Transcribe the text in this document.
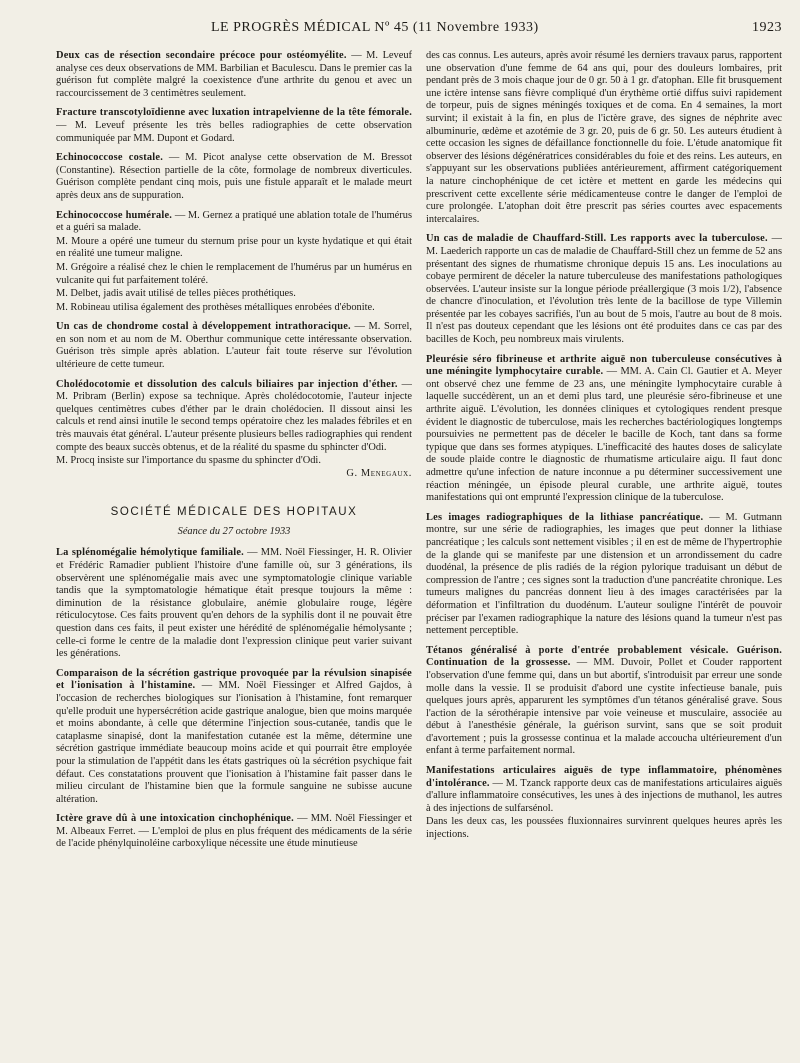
LE PROGRÈS MÉDICAL Nº 45 (11 Novembre 1933)	1923

Deux cas de résection secondaire précoce pour ostéomyélite. — M. Leveuf analyse ces deux observations de MM. Barbilian et Baculescu. Dans le premier cas la guérison fut complète malgré la coexistence d'une arthrite du genou et avec un raccourcissement de 3 centimètres seulement.

Fracture transcotyloïdienne avec luxation intrapelvienne de la tête fémorale. — M. Leveuf présente les très belles radiographies de cette observation communiquée par MM. Dupont et Godard.

Echinococcose costale. — M. Picot analyse cette observation de M. Bressot (Constantine). Résection partielle de la côte, formolage de nombreux diverticules. Guérison complète pendant cinq mois, puis une fistule apparaît et le malade meurt après deux ans de suppuration.

Echinococcose humérale. — M. Gernez a pratiqué une ablation totale de l'humérus et a guéri sa malade.

M. Moure a opéré une tumeur du sternum prise pour un kyste hydatique et qui était en réalité une tumeur maligne.

M. Grégoire a réalisé chez le chien le remplacement de l'humérus par un humérus en vulcanite qui fut parfaitement toléré.

M. Delbet, jadis avait utilisé de telles pièces prothétiques.

M. Robineau utilisa également des prothèses métalliques enrobées d'ébonite.

Un cas de chondrome costal à développement intrathoracique. — M. Sorrel, en son nom et au nom de M. Oberthur communique cette intéressante observation. Guérison très simple après ablation. L'auteur fait toute réserve sur l'évolution ultérieure de cette tumeur.

Cholédocotomie et dissolution des calculs biliaires par injection d'éther. — M. Pribram (Berlin) expose sa technique. Après cholédocotomie, l'auteur injecte quelques centimètres cubes d'éther par le drain cholédocien. Il dissout ainsi les calculs et rend ainsi inutile le second temps opératoire chez les malades fébriles et en très mauvais état général. L'auteur présente plusieurs belles radiographies qui rendent compte des beaux succès obtenus, et de la réalité du spasme du sphincter d'Odi.

M. Procq insiste sur l'importance du spasme du sphincter d'Odi.

G. Menegaux.
SOCIÉTÉ MÉDICALE DES HOPITAUX
Séance du 27 octobre 1933

La splénomégalie hémolytique familiale. — MM. Noël Fiessinger, H. R. Olivier et Frédéric Ramadier publient l'histoire d'une famille où, sur 3 générations, ils observèrent une splénomégalie mais avec une symptomatologie clinique variable tandis que la symptomatologie hématique était presque toujours la même : diminution de la résistance globulaire, anémie globulaire rouge, légère réticulocytose. Ces faits prouvent qu'en dehors de la syphilis dont il ne pouvait être question dans ces faits, il peut exister une hérédité de splénomégalie hémolysante ; celle-ci forme le centre de la maladie dont l'expression clinique peut varier suivant les générations.

Comparaison de la sécrétion gastrique provoquée par la révulsion sinapisée et l'ionisation à l'histamine. — MM. Noël Fiessinger et Alfred Gajdos, à l'occasion de recherches biologiques sur l'ionisation à l'histamine, font remarquer qu'elle produit une hypersécrétion acide gastrique analogue, bien que moins marquée et moins abondante, à celle que détermine l'injection sous-cutanée, tandis que le cataplasme sinapisé, dont la manifestation cutanée est la même, détermine une sécrétion gastrique immédiate beaucoup moins acide et qui pourrait être employée pour la stimulation de l'appétit dans les états gastriques où la sécrétion psychique fait défaut. Ces constatations prouvent que l'ionisation à l'histamine fait passer dans le milieu circulant de l'histamine bien que la formule sanguine ne subisse aucune altération.

Ictère grave dû à une intoxication cinchophénique. — MM. Noël Fiessinger et M. Albeaux Ferret. — L'emploi de plus en plus fréquent des médicaments de la série de l'acide phénylquinoléine carboxylique nécessite une étude minutieuse

des cas connus. Les auteurs, après avoir résumé les derniers travaux parus, rapportent une observation d'une femme de 64 ans qui, pour des douleurs lombaires, prit pendant près de 3 mois chaque jour de 0 gr. 50 à 1 gr. d'atophan. Elle fit brusquement une ictère intense sans fièvre compliqué d'un érythème ortié diffus suivi rapidement de torpeur, puis de signes méningés toxiques et de coma. En 4 semaines, la mort survint; il existait à la fin, en plus de l'ictère grave, des signes de néphrite avec albuminurie, œdème et azotémie de 3 gr. 20, puis de 6 gr. 50. Les auteurs étudient à cette occasion les signes de défaillance fonctionnelle du foie. L'étude anatomique fit observer des lésions dégénératrices considérables du foie et des reins. Les auteurs, en s'appuyant sur les observations publiées antérieurement, affirment catégoriquement la nature cinchophénique de cet ictère et mettent en garde les médecins qui prescrivent cette excellente série médicamenteuse contre le danger de l'emploi de cure prolongée. L'atophan doit être prescrit pas séries courtes avec espacements intercalaires.

Un cas de maladie de Chauffard-Still. Les rapports avec la tuberculose. — M. Laederich rapporte un cas de maladie de Chauffard-Still chez un femme de 52 ans présentant des signes de rhumatisme chronique depuis 15 ans. Les inoculations au cobaye permirent de déceler la nature tuberculeuse des manifestations pathologiques observées. L'auteur insiste sur la longue période préallergique (3 mois 1/2), l'absence de chancre d'inoculation, et l'évolution très lente de la bacillose de type Villemin présentée par les cobayes sacrifiés, l'un au bout de 5 mois, l'autre au bout de 8 mois. Il n'est pas douteux cependant que les lésions ont été produites dans ce cas par des bacilles de Koch, peu nombreux mais virulents.

Pleurésie séro fibrineuse et arthrite aiguë non tuberculeuse consécutives à une méningite lymphocytaire curable. — MM. A. Cain Cl. Gautier et A. Meyer ont observé chez une femme de 23 ans, une méningite lymphocytaire curable à laquelle succédèrent, un an et demi plus tard, une pleurésie séro-fibrineuse et une arthrite aiguë. L'évolution, les données cliniques et cytologiques rendent presque évident le diagnostic de tuberculose, mais les recherches bactériologiques longtemps poursuivies ne permettent pas de déceler le bacille de Koch, tant dans sa forme typique que dans ses formes atypiques. L'inefficacité des hautes doses de salicylate de soude plaide contre le diagnostic de rhumatisme articulaire aigu. Il faut donc admettre qu'une infection de nature inconnue a pu déterminer successivement une réaction méningée, un épisode pleural curable, une arthrite aiguë, toutes manifestations qui ont emprunté l'expression clinique de la tuberculose.

Les images radiographiques de la lithiase pancréatique. — M. Gutmann montre, sur une série de radiographies, les images que peut donner la lithiase pancréatique ; les calculs sont nettement visibles ; il en est de même de l'hypertrophie de la glande qui se manifeste par une distension et un arrondissement du cadre duodénal, la présence de plis radiés de la région pylorique traduisant un début de compression de l'antre ; ces signes sont la traduction d'une pancréatite chronique. Les tumeurs malignes du pancréas donnent lieu à des images caractérisées par la déformation et l'infiltration du duodénum. L'auteur souligne l'intérêt de pouvoir préciser par l'examen radiographique la nature des lésions quand la tumeur n'est pas nettement perceptible.

Tétanos généralisé à porte d'entrée probablement vésicale. Guérison. Continuation de la grossesse. — MM. Duvoir, Pollet et Couder rapportent l'observation d'une femme qui, dans un but abortif, s'introduisit par erreur une sonde molle dans la vessie. Il se produisit d'abord une cystite infectieuse banale, puis quelques jours après, apparurent les symptômes d'un tétanos généralisé grave. Sous l'action de la sérothérapie intensive par voie veineuse et musculaire, associée au début à l'anesthésie générale, la guérison survint, sans que se soit produit d'avortement ; puis la grossesse continua et la malade accoucha ultérieurement d'un enfant à terme parfaitement normal.

Manifestations articulaires aiguës de type inflammatoire, phénomènes d'intolérance. — M. Tzanck rapporte deux cas de manifestations articulaires aiguës d'allure inflammatoire consécutives, les unes à des injections de muthanol, les autres à des injections de sulfarsénol.

Dans les deux cas, les poussées fluxionnaires survinrent quelques heures après les injections.
